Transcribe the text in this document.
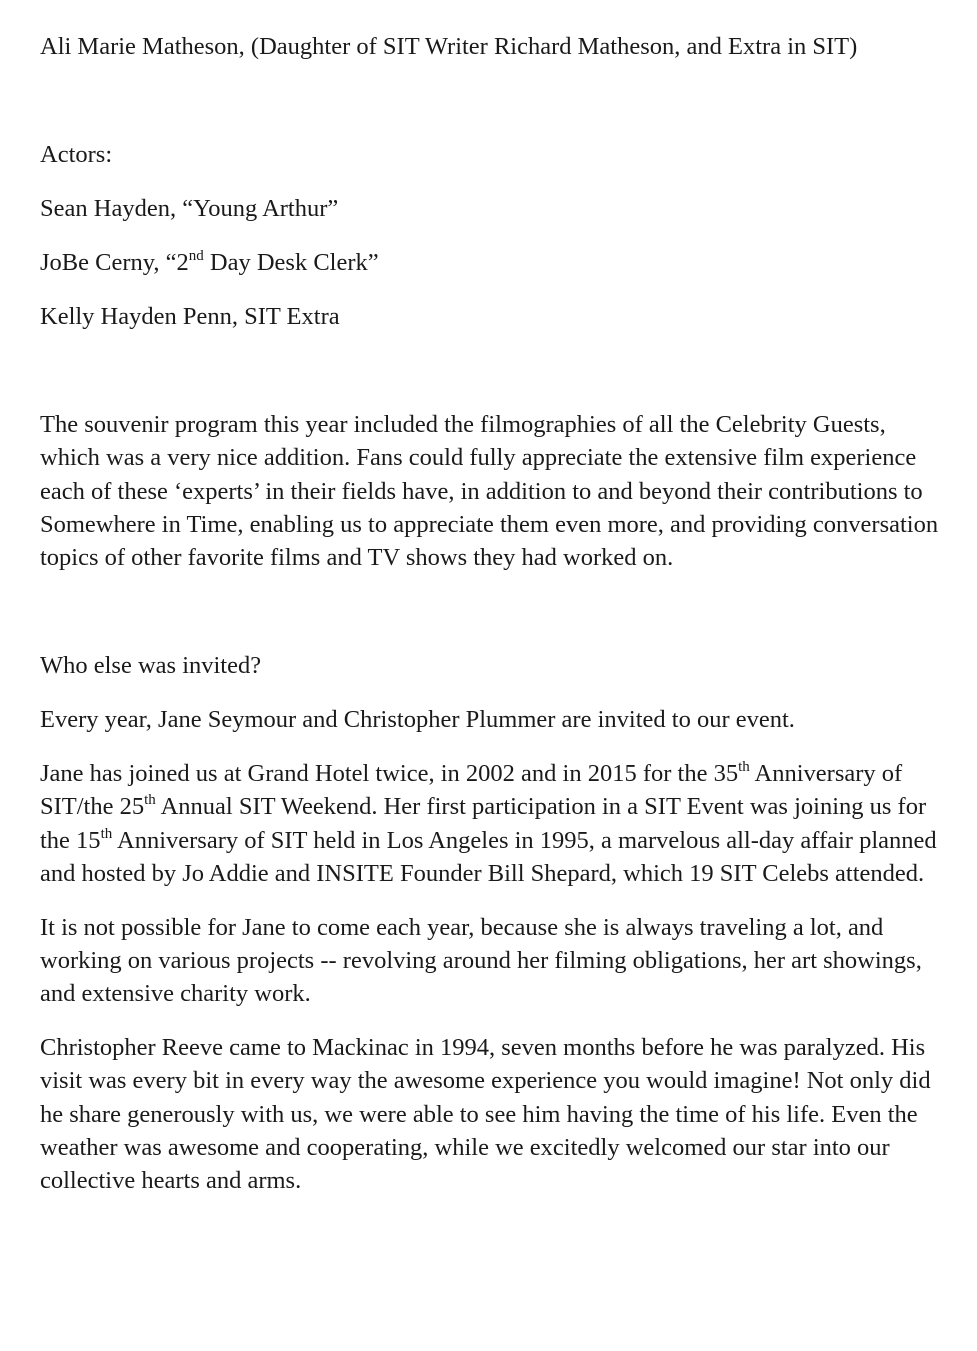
Ali Marie Matheson, (Daughter of SIT Writer Richard Matheson, and Extra in SIT)

Actors:

Sean Hayden, “Young Arthur”

JoBe Cerny, “2nd Day Desk Clerk”

Kelly Hayden Penn, SIT Extra

The souvenir program this year included the filmographies of all the Celebrity Guests, which was a very nice addition. Fans could fully appreciate the extensive film experience each of these ‘experts’ in their fields have, in addition to and beyond their contributions to Somewhere in Time, enabling us to appreciate them even more, and providing conversation topics of other favorite films and TV shows they had worked on.

Who else was invited?

Every year, Jane Seymour and Christopher Plummer are invited to our event.

Jane has joined us at Grand Hotel twice, in 2002 and in 2015 for the 35th Anniversary of SIT/the 25th Annual SIT Weekend. Her first participation in a SIT Event was joining us for the 15th Anniversary of SIT held in Los Angeles in 1995, a marvelous all-day affair planned and hosted by Jo Addie and INSITE Founder Bill Shepard, which 19 SIT Celebs attended.

It is not possible for Jane to come each year, because she is always traveling a lot, and working on various projects -- revolving around her filming obligations, her art showings, and extensive charity work.

Christopher Reeve came to Mackinac in 1994, seven months before he was paralyzed. His visit was every bit in every way the awesome experience you would imagine! Not only did he share generously with us, we were able to see him having the time of his life. Even the weather was awesome and cooperating, while we excitedly welcomed our star into our collective hearts and arms.
